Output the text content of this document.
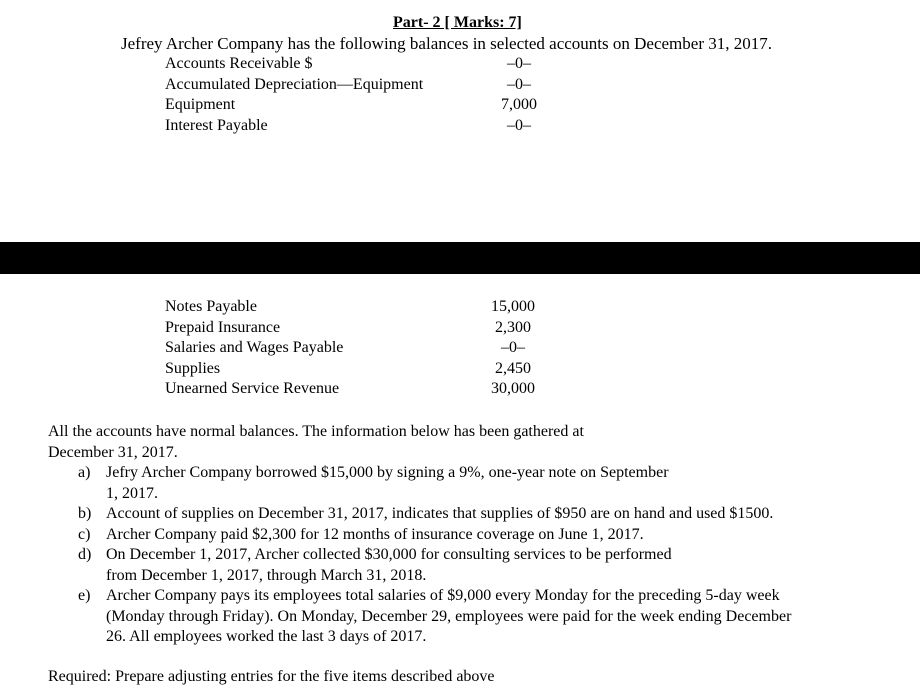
Part- 2 [ Marks: 7]
Jefrey Archer Company has the following balances in selected accounts on December 31, 2017.
Accounts Receivable $	–0–
Accumulated Depreciation—Equipment	–0–
Equipment	7,000
Interest Payable	–0–
Notes Payable	15,000
Prepaid Insurance	2,300
Salaries and Wages Payable	–0–
Supplies	2,450
Unearned Service Revenue	30,000
All the accounts have normal balances. The information below has been gathered at
December 31, 2017.
a) Jefry Archer Company borrowed $15,000 by signing a 9%, one-year note on September
1, 2017.
b) Account of supplies on December 31, 2017, indicates that supplies of $950 are on hand and used $1500.
c) Archer Company paid $2,300 for 12 months of insurance coverage on June 1, 2017.
d) On December 1, 2017, Archer collected $30,000 for consulting services to be performed
from December 1, 2017, through March 31, 2018.
e) Archer Company pays its employees total salaries of $9,000 every Monday for the preceding 5-day week
(Monday through Friday). On Monday, December 29, employees were paid for the week ending December
26. All employees worked the last 3 days of 2017.
Required: Prepare adjusting entries for the five items described above
